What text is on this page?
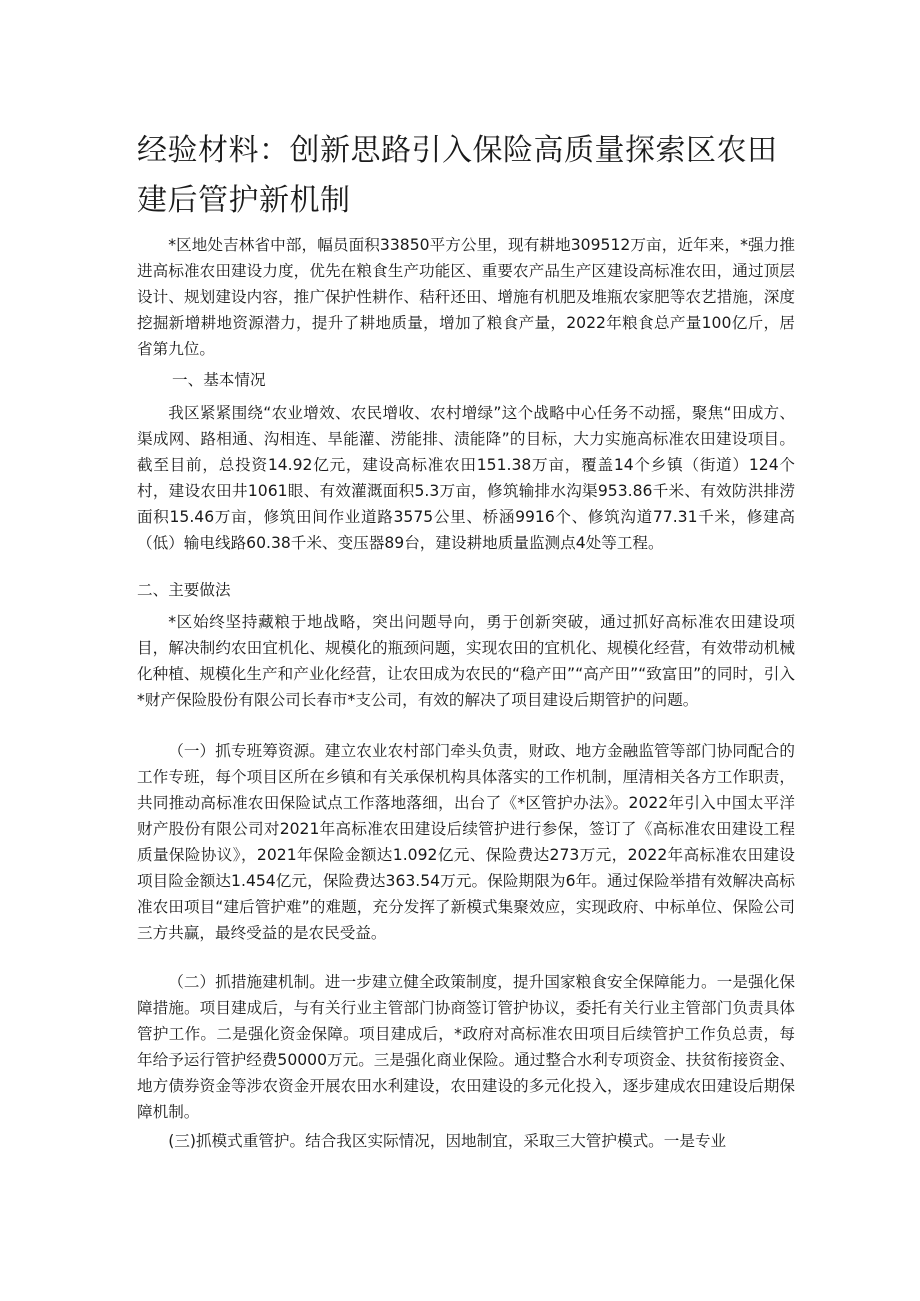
经验材料：创新思路引入保险高质量探索区农田建后管护新机制

*区地处吉林省中部，幅员面积33850平方公里，现有耕地309512万亩，近年来，*强力推进高标准农田建设力度，优先在粮食生产功能区、重要农产品生产区建设高标准农田，通过顶层设计、规划建设内容，推广保护性耕作、秸秆还田、增施有机肥及堆瓶农家肥等农艺措施，深度挖掘新增耕地资源潜力，提升了耕地质量，增加了粮食产量，2022年粮食总产量100亿斤，居省第九位。

一、基本情况

我区紧紧围绕“农业增效、农民增收、农村增绿”这个战略中心任务不动摇，聚焦“田成方、渠成网、路相通、沟相连、旱能灌、涝能排、渍能降”的目标，大力实施高标准农田建设项目。截至目前，总投资14.92亿元，建设高标准农田151.38万亩，覆盖14个乡镇（街道）124个村，建设农田井1061眼、有效灌溉面积5.3万亩，修筑输排水沟渠953.86千米、有效防洪排涝面积15.46万亩，修筑田间作业道路3575公里、桥涵9916个、修筑沟道77.31千米，修建高（低）输电线路60.38千米、变压器89台，建设耕地质量监测点4处等工程。

二、主要做法

*区始终坚持藏粮于地战略，突出问题导向，勇于创新突破，通过抓好高标准农田建设项目，解决制约农田宜机化、规模化的瓶颈问题，实现农田的宜机化、规模化经营，有效带动机械化种植、规模化生产和产业化经营，让农田成为农民的“稳产田”“高产田”“致富田”的同时，引入*财产保险股份有限公司长春市*支公司，有效的解决了项目建设后期管护的问题。

（一）抓专班筹资源。建立农业农村部门牵头负责，财政、地方金融监管等部门协同配合的工作专班，每个项目区所在乡镇和有关承保机构具体落实的工作机制，厘清相关各方工作职责，共同推动高标准农田保险试点工作落地落细，出台了《*区管护办法》。2022年引入中国太平洋财产股份有限公司对2021年高标准农田建设后续管护进行参保，签订了《高标准农田建设工程质量保险协议》，2021年保险金额达1.092亿元、保险费达273万元，2022年高标准农田建设项目险金额达1.454亿元，保险费达363.54万元。保险期限为6年。通过保险举措有效解决高标准农田项目“建后管护难”的难题，充分发挥了新模式集聚效应，实现政府、中标单位、保险公司三方共赢，最终受益的是农民受益。

（二）抓措施建机制。进一步建立健全政策制度，提升国家粮食安全保障能力。一是强化保障措施。项目建成后，与有关行业主管部门协商签订管护协议，委托有关行业主管部门负责具体管护工作。二是强化资金保障。项目建成后，*政府对高标准农田项目后续管护工作负总责，每年给予运行管护经费50000万元。三是强化商业保险。通过整合水利专项资金、扶贫衔接资金、地方债券资金等涉农资金开展农田水利建设，农田建设的多元化投入，逐步建成农田建设后期保障机制。

(三)抓模式重管护。结合我区实际情况，因地制宜，采取三大管护模式。一是专业
